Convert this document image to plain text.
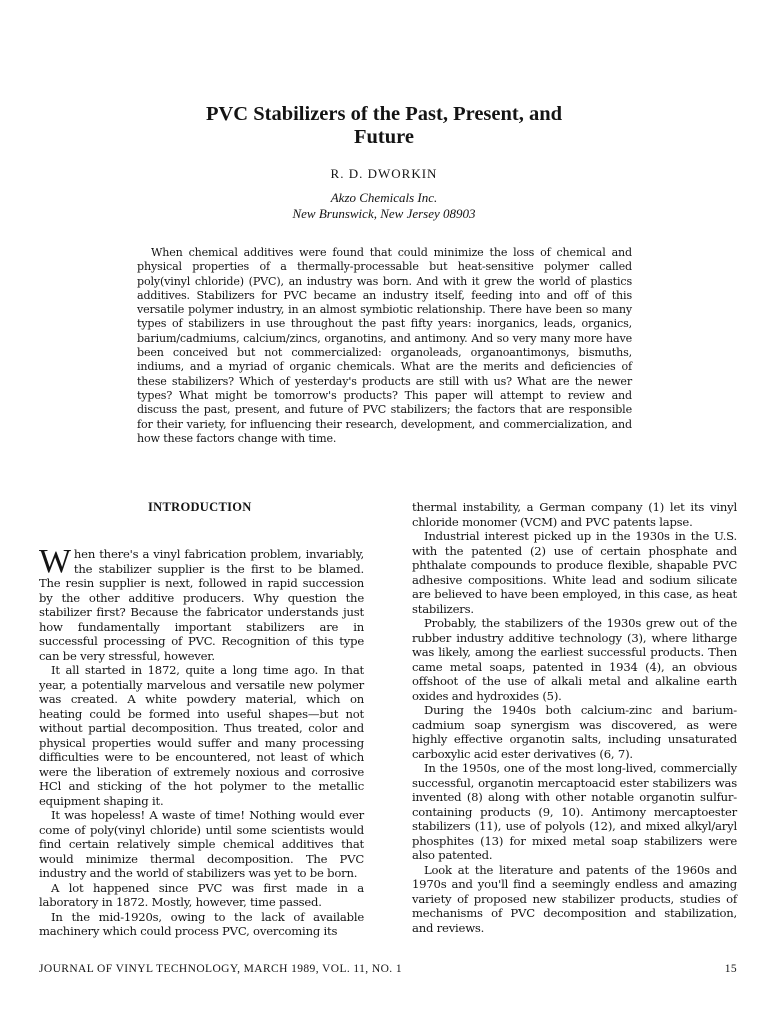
PVC Stabilizers of the Past, Present, and
Future
R. D. DWORKIN
Akzo Chemicals Inc.
New Brunswick, New Jersey 08903

When chemical additives were found that could minimize the loss of chemical and physical properties of a thermally-processable but heat-sensitive polymer called poly(vinyl chloride) (PVC), an industry was born. And with it grew the world of plastics additives. Stabilizers for PVC became an industry itself, feeding into and off of this versatile polymer industry, in an almost symbiotic relationship. There have been so many types of stabilizers in use throughout the past fifty years: inorganics, leads, organics, barium/cadmiums, calcium/zincs, organotins, and antimony. And so very many more have been conceived but not commercialized: organoleads, organoantimonys, bismuths, indiums, and a myriad of organic chemicals. What are the merits and deficiencies of these stabilizers? Which of yesterday's products are still with us? What are the newer types? What might be tomorrow's products? This paper will attempt to review and discuss the past, present, and future of PVC stabilizers; the factors that are responsible for their variety, for influencing their research, development, and commercialization, and how these factors change with time.

INTRODUCTION

When there's a vinyl fabrication problem, invariably, the stabilizer supplier is the first to be blamed. The resin supplier is next, followed in rapid succession by the other additive producers. Why question the stabilizer first? Because the fabricator understands just how fundamentally important stabilizers are in successful processing of PVC. Recognition of this type can be very stressful, however.

It all started in 1872, quite a long time ago. In that year, a potentially marvelous and versatile new polymer was created. A white powdery material, which on heating could be formed into useful shapes—but not without partial decomposition. Thus treated, color and physical properties would suffer and many processing difficulties were to be encountered, not least of which were the liberation of extremely noxious and corrosive HCl and sticking of the hot polymer to the metallic equipment shaping it.

It was hopeless! A waste of time! Nothing would ever come of poly(vinyl chloride) until some scientists would find certain relatively simple chemical additives that would minimize thermal decomposition. The PVC industry and the world of stabilizers was yet to be born.

A lot happened since PVC was first made in a laboratory in 1872. Mostly, however, time passed.

In the mid-1920s, owing to the lack of available machinery which could process PVC, overcoming its

thermal instability, a German company (1) let its vinyl chloride monomer (VCM) and PVC patents lapse.

Industrial interest picked up in the 1930s in the U.S. with the patented (2) use of certain phosphate and phthalate compounds to produce flexible, shapable PVC adhesive compositions. White lead and sodium silicate are believed to have been employed, in this case, as heat stabilizers.

Probably, the stabilizers of the 1930s grew out of the rubber industry additive technology (3), where litharge was likely, among the earliest successful products. Then came metal soaps, patented in 1934 (4), an obvious offshoot of the use of alkali metal and alkaline earth oxides and hydroxides (5).

During the 1940s both calcium-zinc and barium-cadmium soap synergism was discovered, as were highly effective organotin salts, including unsaturated carboxylic acid ester derivatives (6, 7).

In the 1950s, one of the most long-lived, commercially successful, organotin mercaptoacid ester stabilizers was invented (8) along with other notable organotin sulfur-containing products (9, 10). Antimony mercaptoester stabilizers (11), use of polyols (12), and mixed alkyl/aryl phosphites (13) for mixed metal soap stabilizers were also patented.

Look at the literature and patents of the 1960s and 1970s and you'll find a seemingly endless and amazing variety of proposed new stabilizer products, studies of mechanisms of PVC decomposition and stabilization, and reviews.

JOURNAL OF VINYL TECHNOLOGY, MARCH 1989, VOL. 11, NO. 1	15
